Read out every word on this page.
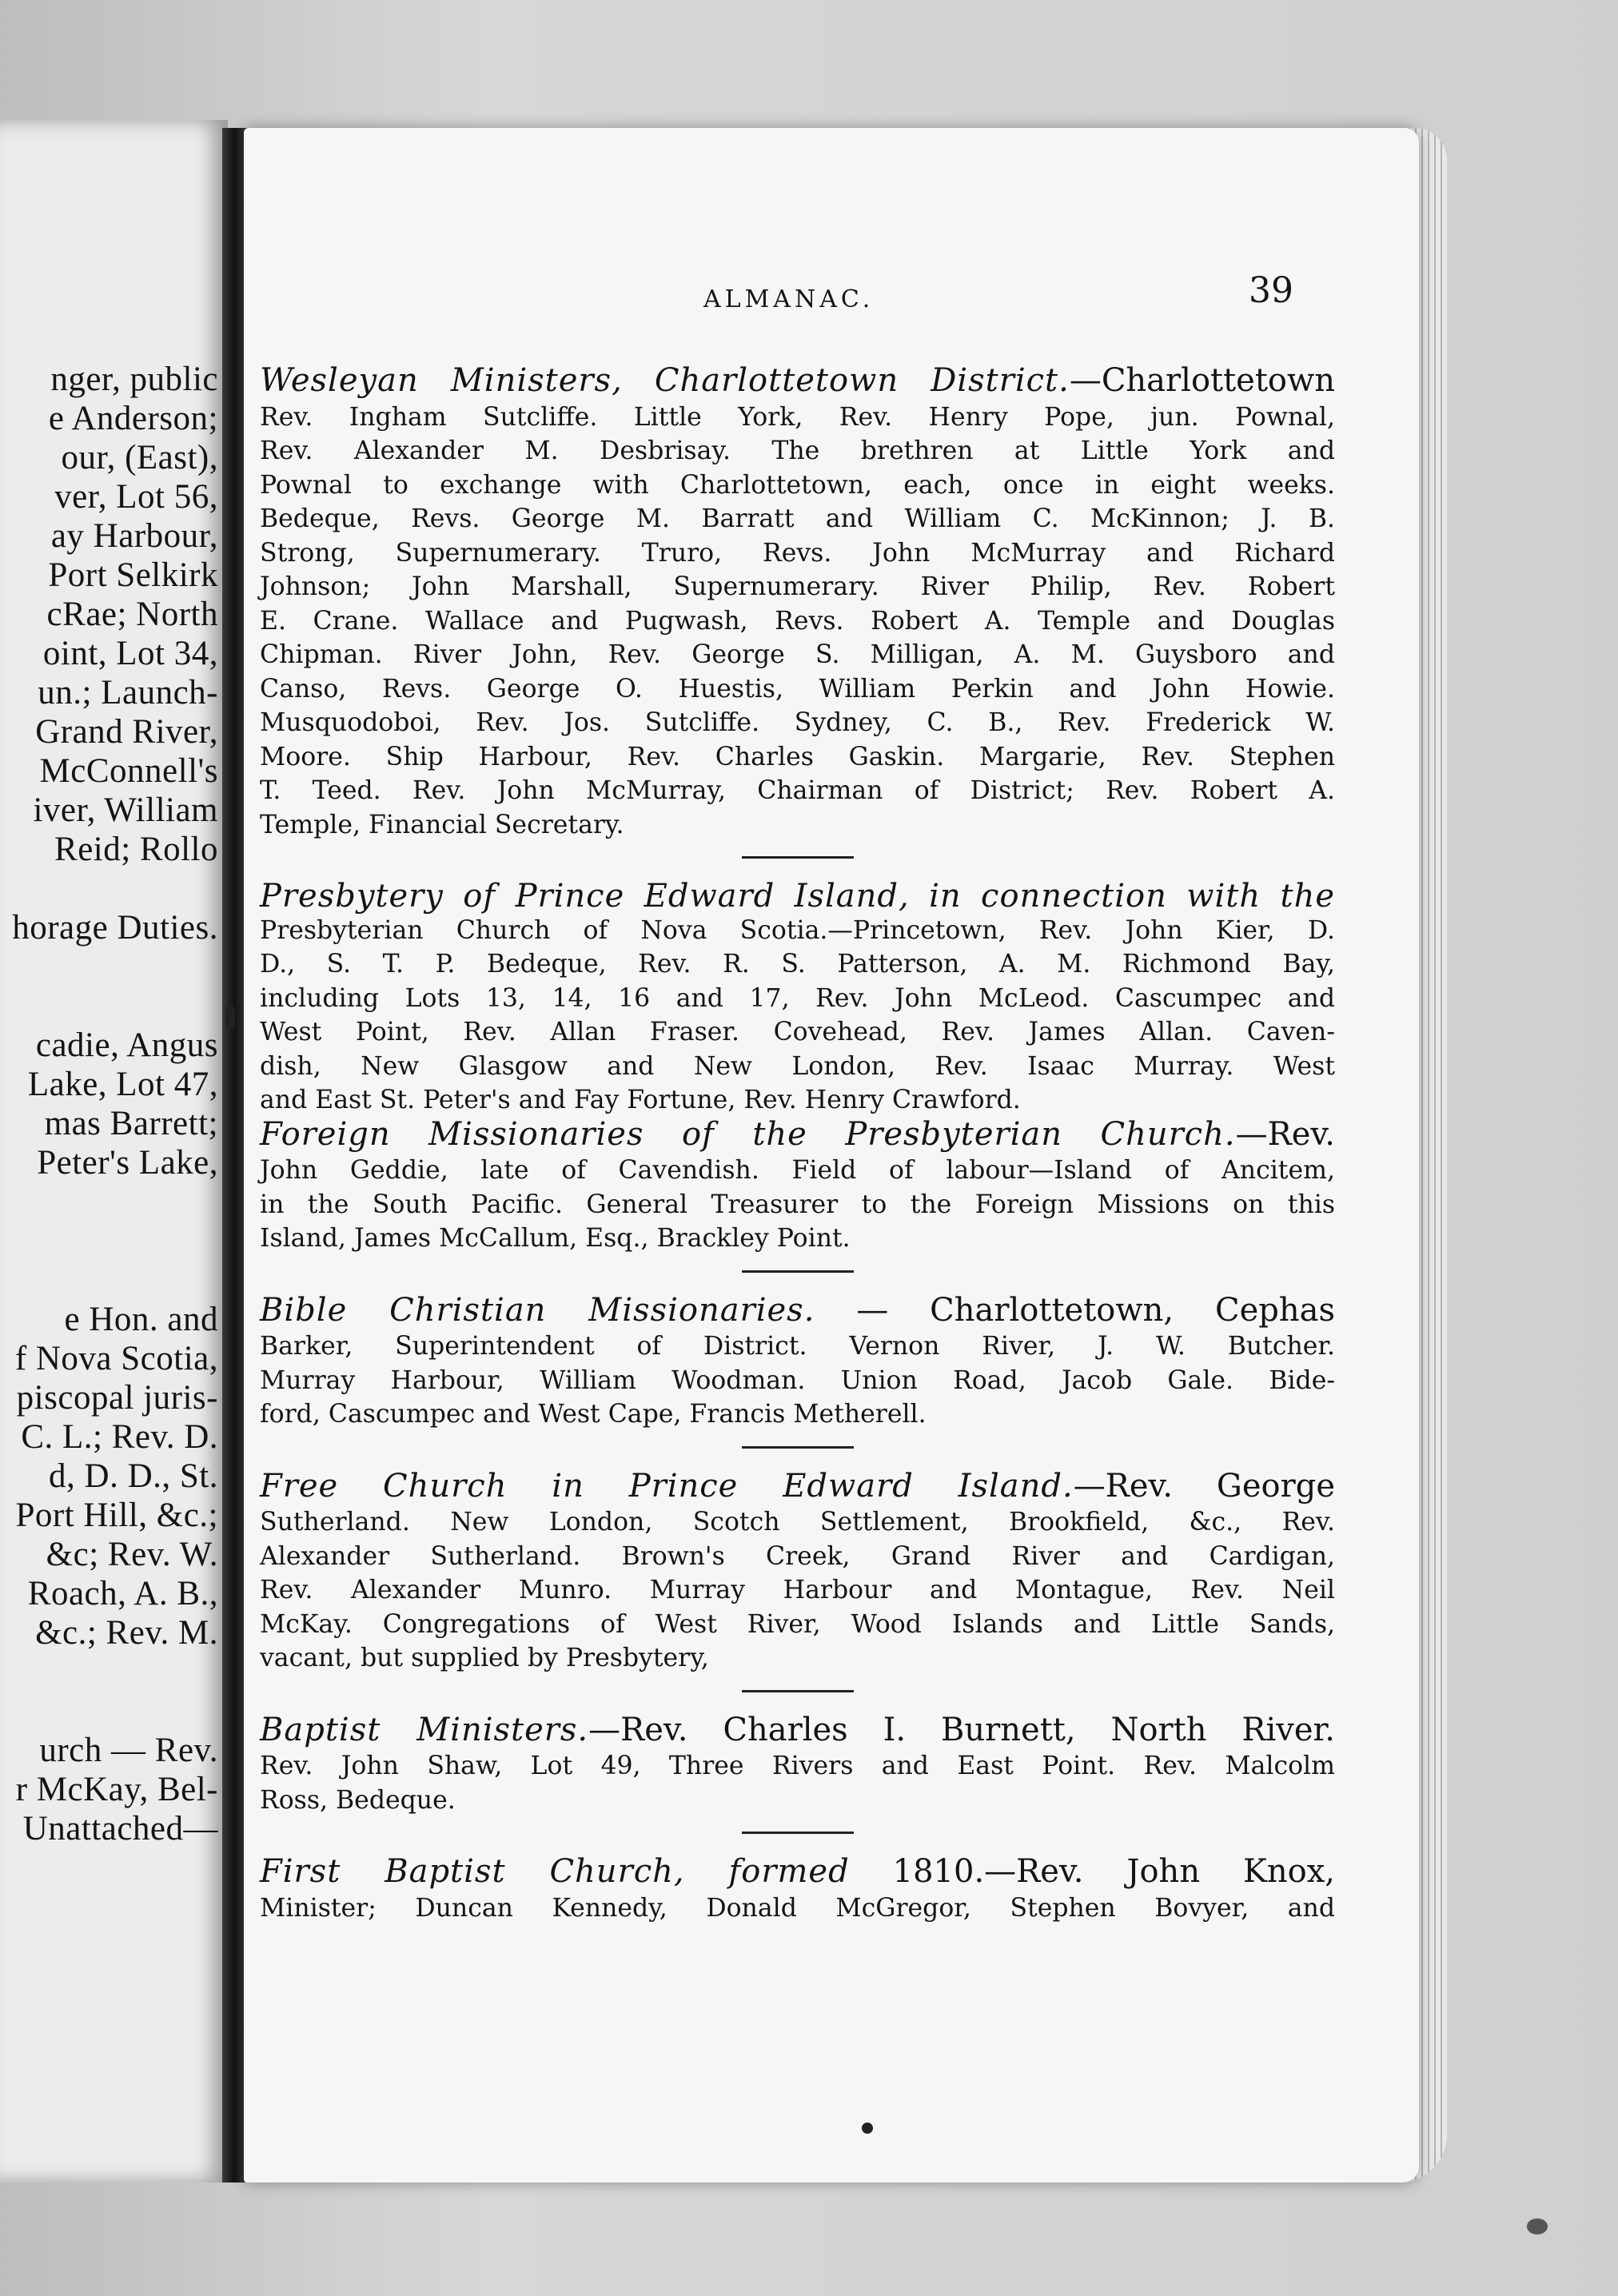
nger, public
e Anderson;
our, (East),
ver, Lot 56,
ay Harbour,
Port Selkirk
cRae; North
oint, Lot 34,
un.; Launch-
Grand River,
McConnell's
iver, William
Reid; Rollo
horage Duties.
cadie, Angus
Lake, Lot 47,
mas Barrett;
Peter's Lake,
e Hon. and
f Nova Scotia,
piscopal juris-
C. L.; Rev. D.
d, D. D., St.
Port Hill, &c.;
&c; Rev. W.
Roach, A. B.,
&c.; Rev. M.
urch — Rev.
r McKay, Bel-
Unattached—
ALMANAC.	39

Wesleyan Ministers, Charlottetown District.—Charlottetown

Rev. Ingham Sutcliffe. Little York, Rev. Henry Pope, jun. Pownal,

Rev. Alexander M. Desbrisay. The brethren at Little York and

Pownal to exchange with Charlottetown, each, once in eight weeks.

Bedeque, Revs. George M. Barratt and William C. McKinnon; J. B.

Strong, Supernumerary. Truro, Revs. John McMurray and Richard

Johnson; John Marshall, Supernumerary. River Philip, Rev. Robert

E. Crane. Wallace and Pugwash, Revs. Robert A. Temple and Douglas

Chipman. River John, Rev. George S. Milligan, A. M. Guysboro and

Canso, Revs. George O. Huestis, William Perkin and John Howie.

Musquodoboi, Rev. Jos. Sutcliffe. Sydney, C. B., Rev. Frederick W.

Moore. Ship Harbour, Rev. Charles Gaskin. Margarie, Rev. Stephen

T. Teed. Rev. John McMurray, Chairman of District; Rev. Robert A.

Temple, Financial Secretary.

Presbytery of Prince Edward Island, in connection with the

Presbyterian Church of Nova Scotia.—Princetown, Rev. John Kier, D.

D., S. T. P. Bedeque, Rev. R. S. Patterson, A. M. Richmond Bay,

including Lots 13, 14, 16 and 17, Rev. John McLeod. Cascumpec and

West Point, Rev. Allan Fraser. Covehead, Rev. James Allan. Caven-

dish, New Glasgow and New London, Rev. Isaac Murray. West

and East St. Peter's and Fay Fortune, Rev. Henry Crawford.

Foreign Missionaries of the Presbyterian Church.—Rev.

John Geddie, late of Cavendish. Field of labour—Island of Ancitem,

in the South Pacific. General Treasurer to the Foreign Missions on this

Island, James McCallum, Esq., Brackley Point.

Bible Christian Missionaries. — Charlottetown, Cephas

Barker, Superintendent of District. Vernon River, J. W. Butcher.

Murray Harbour, William Woodman. Union Road, Jacob Gale. Bide-

ford, Cascumpec and West Cape, Francis Metherell.

Free Church in Prince Edward Island.—Rev. George

Sutherland. New London, Scotch Settlement, Brookfield, &c., Rev.

Alexander Sutherland. Brown's Creek, Grand River and Cardigan,

Rev. Alexander Munro. Murray Harbour and Montague, Rev. Neil

McKay. Congregations of West River, Wood Islands and Little Sands,

vacant, but supplied by Presbytery,

Baptist Ministers.—Rev. Charles I. Burnett, North River.

Rev. John Shaw, Lot 49, Three Rivers and East Point. Rev. Malcolm

Ross, Bedeque.

First Baptist Church, formed 1810.—Rev. John Knox,

Minister; Duncan Kennedy, Donald McGregor, Stephen Bovyer, and
